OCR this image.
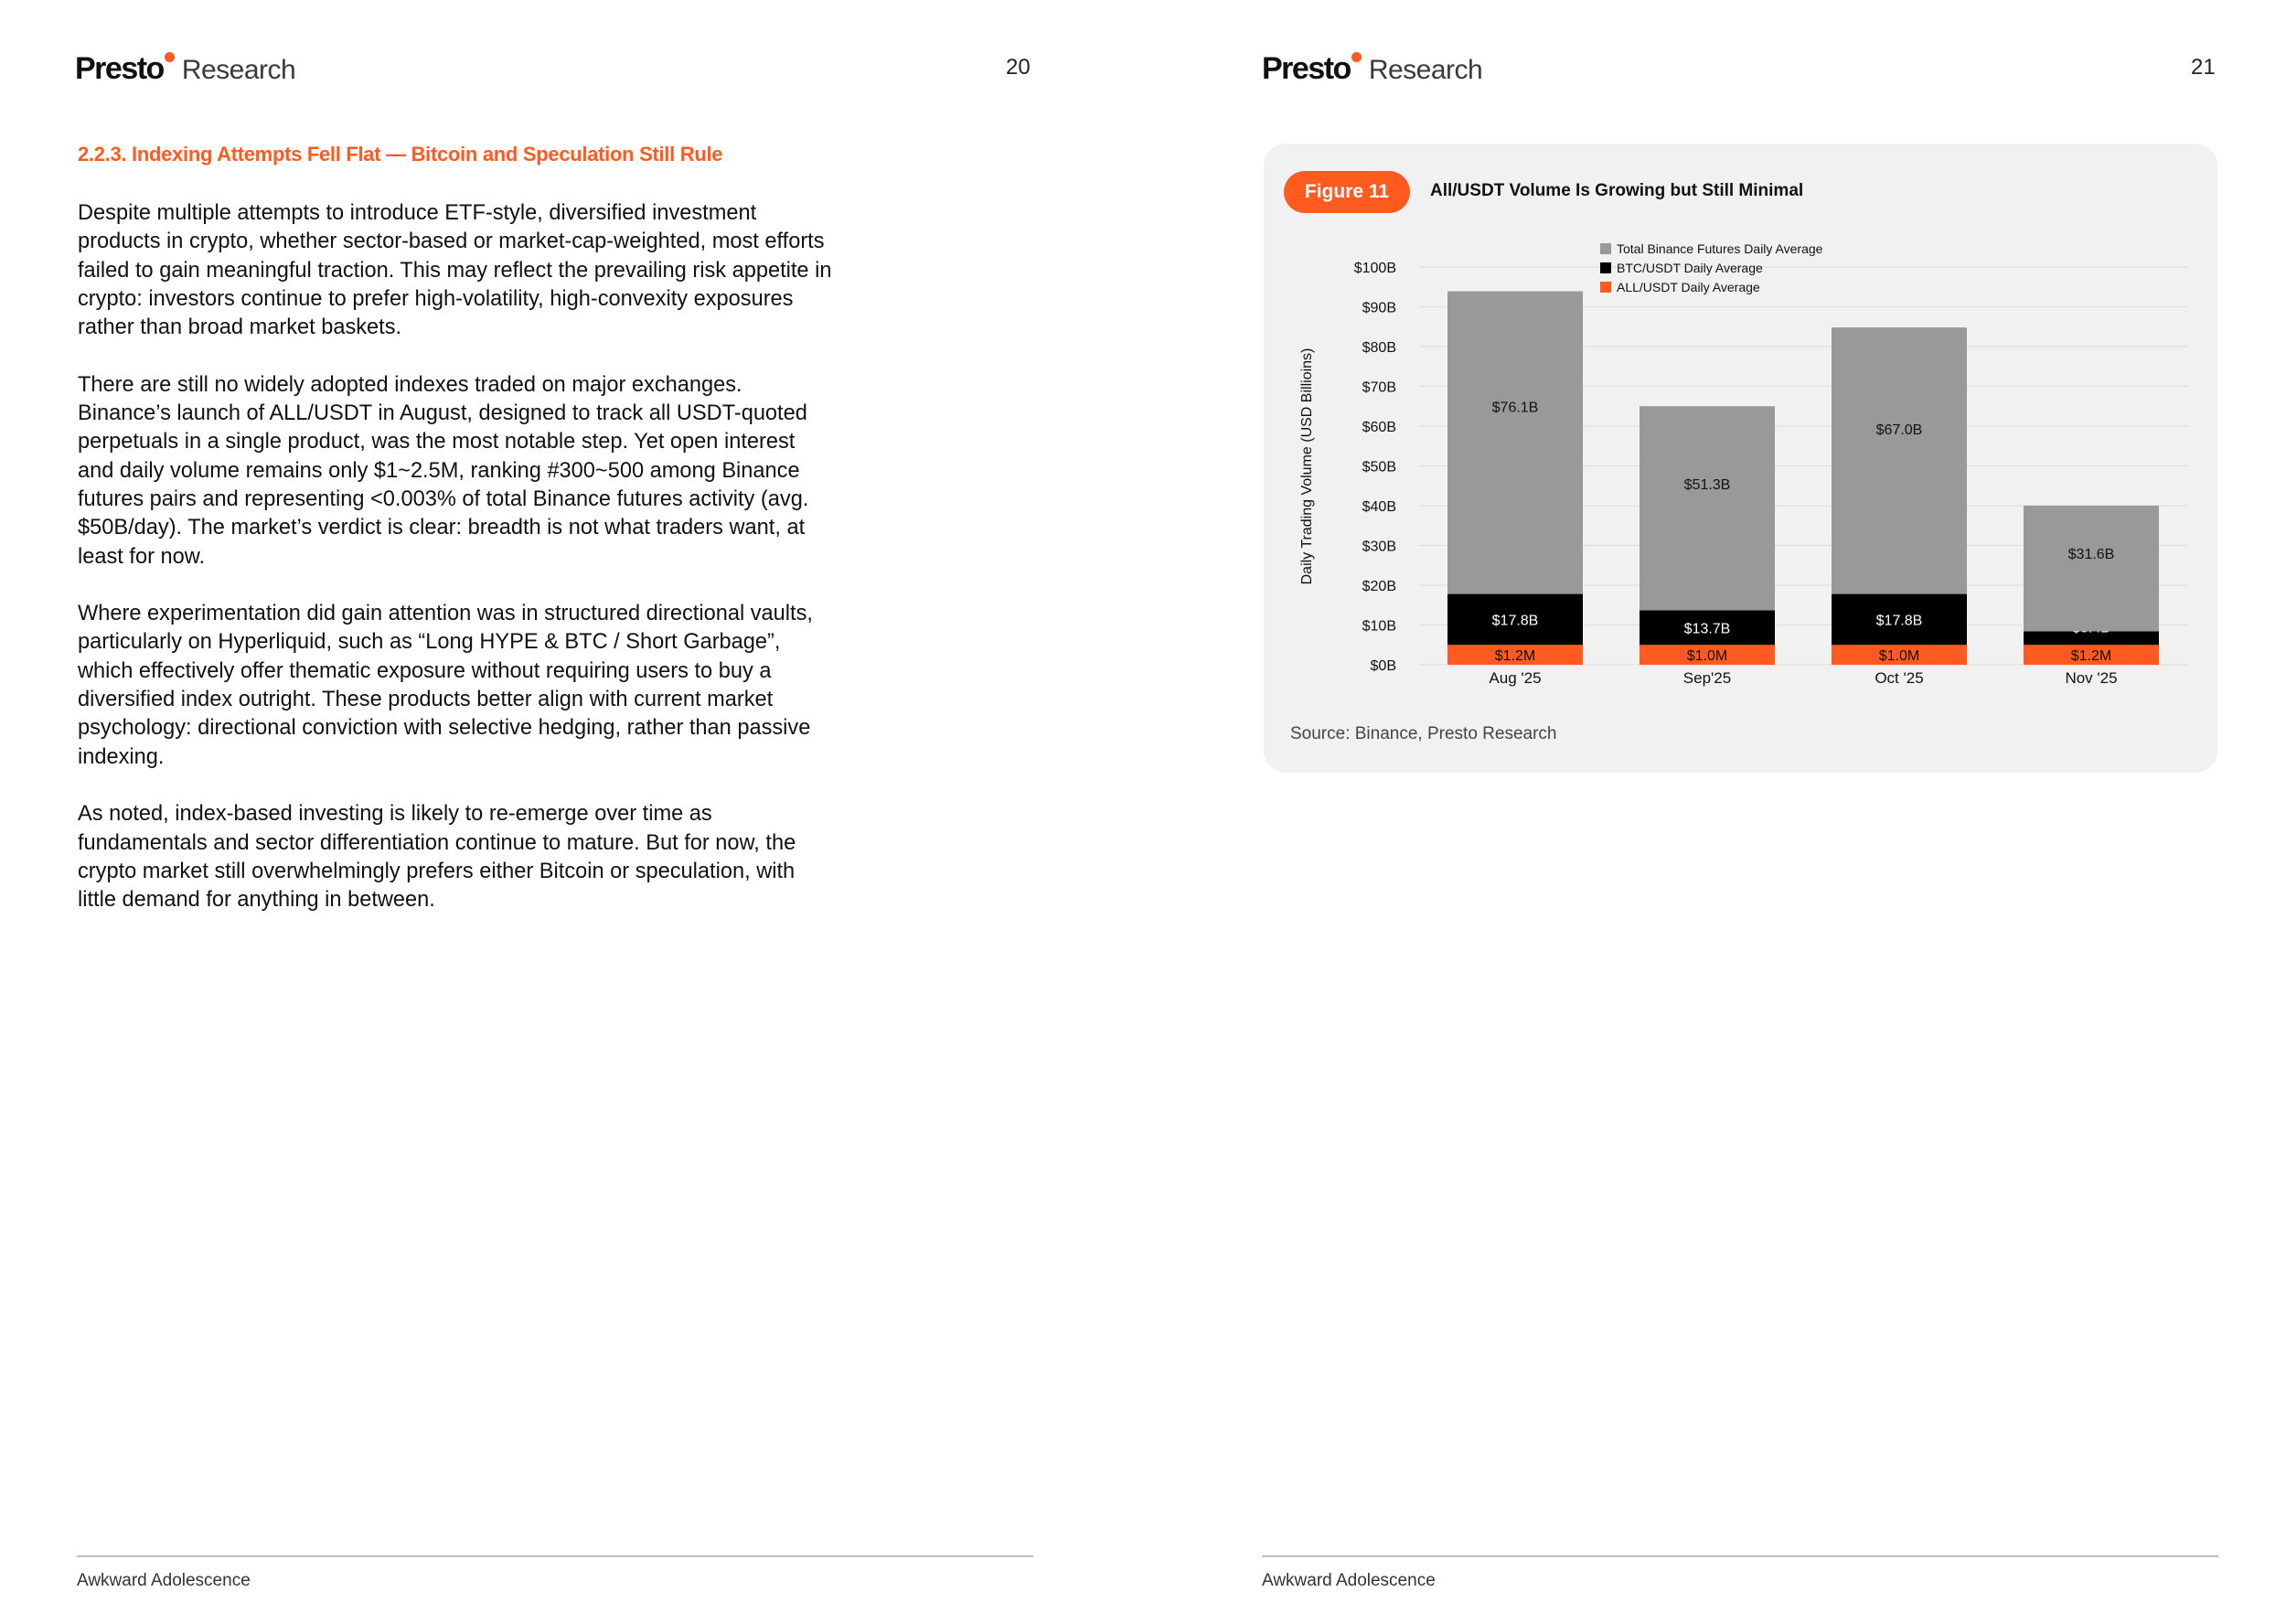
Presto Research	20
2.2.3. Indexing Attempts Fell Flat — Bitcoin and Speculation Still Rule

Despite multiple attempts to introduce ETF-style, diversified investment products in crypto, whether sector-based or market-cap-weighted, most efforts failed to gain meaningful traction. This may reflect the prevailing risk appetite in crypto: investors continue to prefer high-volatility, high-convexity exposures rather than broad market baskets.

There are still no widely adopted indexes traded on major exchanges. Binance’s launch of ALL/USDT in August, designed to track all USDT-quoted perpetuals in a single product, was the most notable step. Yet open interest and daily volume remains only $1~2.5M, ranking #300~500 among Binance futures pairs and representing <0.003% of total Binance futures activity (avg. $50B/day). The market’s verdict is clear: breadth is not what traders want, at least for now.

Where experimentation did gain attention was in structured directional vaults, particularly on Hyperliquid, such as “Long HYPE & BTC / Short Garbage”, which effectively offer thematic exposure without requiring users to buy a diversified index outright. These products better align with current market psychology: directional conviction with selective hedging, rather than passive indexing.

As noted, index-based investing is likely to re-emerge over time as fundamentals and sector differentiation continue to mature. But for now, the crypto market still overwhelmingly prefers either Bitcoin or speculation, with little demand for anything in between.

Awkward Adolescence
Presto Research	21
Figure 11	All/USDT Volume Is Growing but Still Minimal
$0B
$10B
$20B
$30B
$40B
$50B
$60B
$70B
$80B
$90B
$100B
Daily Trading Volume (USD Billioins)
$1.2M
$17.8B
$76.1B
Aug '25
$1.0M
$13.7B
$51.3B
Sep'25
$1.0M
$17.8B
$67.0B
Oct '25
$1.2M
$31.6B
Nov '25
Total Binance Futures Daily Average
BTC/USDT Daily Average
ALL/USDT Daily Average
Source: Binance, Presto Research
Awkward Adolescence
